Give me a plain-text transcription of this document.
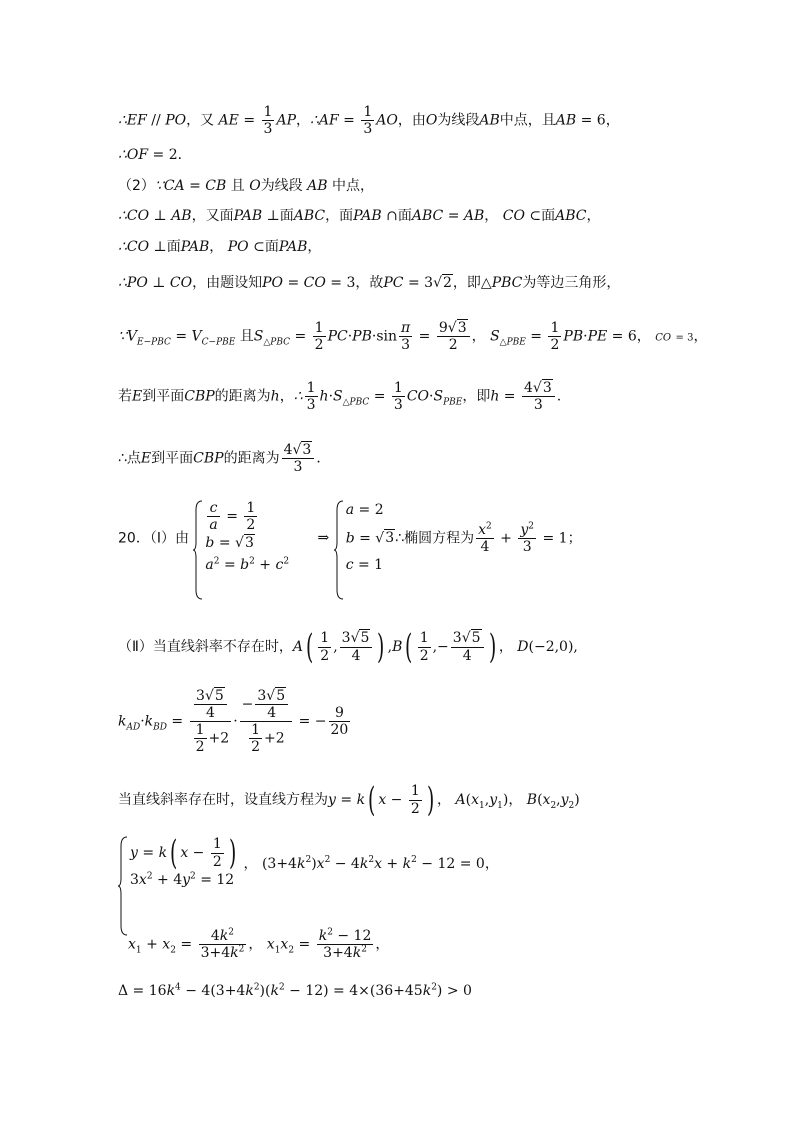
∴EF // PO，又 AE = $\frac{1}{3}$ AP，∴AF = $\frac{1}{3}$ AO，由O为线段AB中点，且AB = 6，
∴OF = 2．
（2）∵CA = CB 且 O为线段 AB 中点，
∴CO ⊥ AB，又面PAB ⊥面ABC，面PAB ∩面ABC = AB， CO ⊂面ABC，
∴CO ⊥面PAB， PO ⊂面PAB，
∴PO ⊥ CO，由题设知PO = CO = 3，故PC = 3√2，即△PBC为等边三角形，
$\because V_{E-PBC} = V_{C-PBE}$ 且$S_{\triangle PBC} = \frac{1}{2} PC\cdot PB\cdot\sin \frac{\pi}{3} = \frac{9√3}{2}$ ， $S_{\triangle PBE} = \frac{1}{2} PB\cdot PE = 6$， CO = 3，
若E到平面CBP的距离为h，∴ $\frac{1}{3} h\cdot S_{\triangle PBC} = \frac{1}{3} CO\cdot S_{PBE}$，即$h = \frac{4√3}{3}$ .
∴点E到平面CBP的距离为 $\frac{4√3}{3}$ ．
20．（Ⅰ）由
$\frac{c}{a} = \frac{1}{2}$
b = √3
$a^2 = b^2 + c^2$
⇒
a = 2
b = √3∴椭圆方程为 $\frac{x^2}{4} + \frac{y^2}{3} = 1$；
c = 1
（Ⅱ）当直线斜率不存在时，$A( \frac{1}{2}$ , $\frac{3√5}{4}$ ) $,B( \frac{1}{2}$ ,− $\frac{3√5}{4}$ ) ， D(−2,0),
$k_{AD}\cdot k_{BD} = \frac{\frac{3√5}{4}}{\frac{1}{2} +2} \cdot \frac{- \frac{3√5}{4}}{\frac{1}{2} +2}$ = − $\frac{9}{20}$
当直线斜率存在时，设直线方程为y = k( $x - \frac{1}{2}$ ) ， $A(x_1,y_1)$， $B(x_2,y_2)$
y = k( $x - \frac{1}{2}$ )
$3x^2 + 4y^2 = 12$
， $(3+4k^2)x^2 - 4k^2x + k^2 - 12 = 0$，
$x_1 + x_2 = \frac{4k^2}{3+4k^2}$ ， $x_1x_2 = \frac{k^2 - 12}{3+4k^2}$ ，
$\Delta = 16k^4 - 4(3+4k^2)(k^2 - 12) = 4\times(36+45k^2) > 0$
